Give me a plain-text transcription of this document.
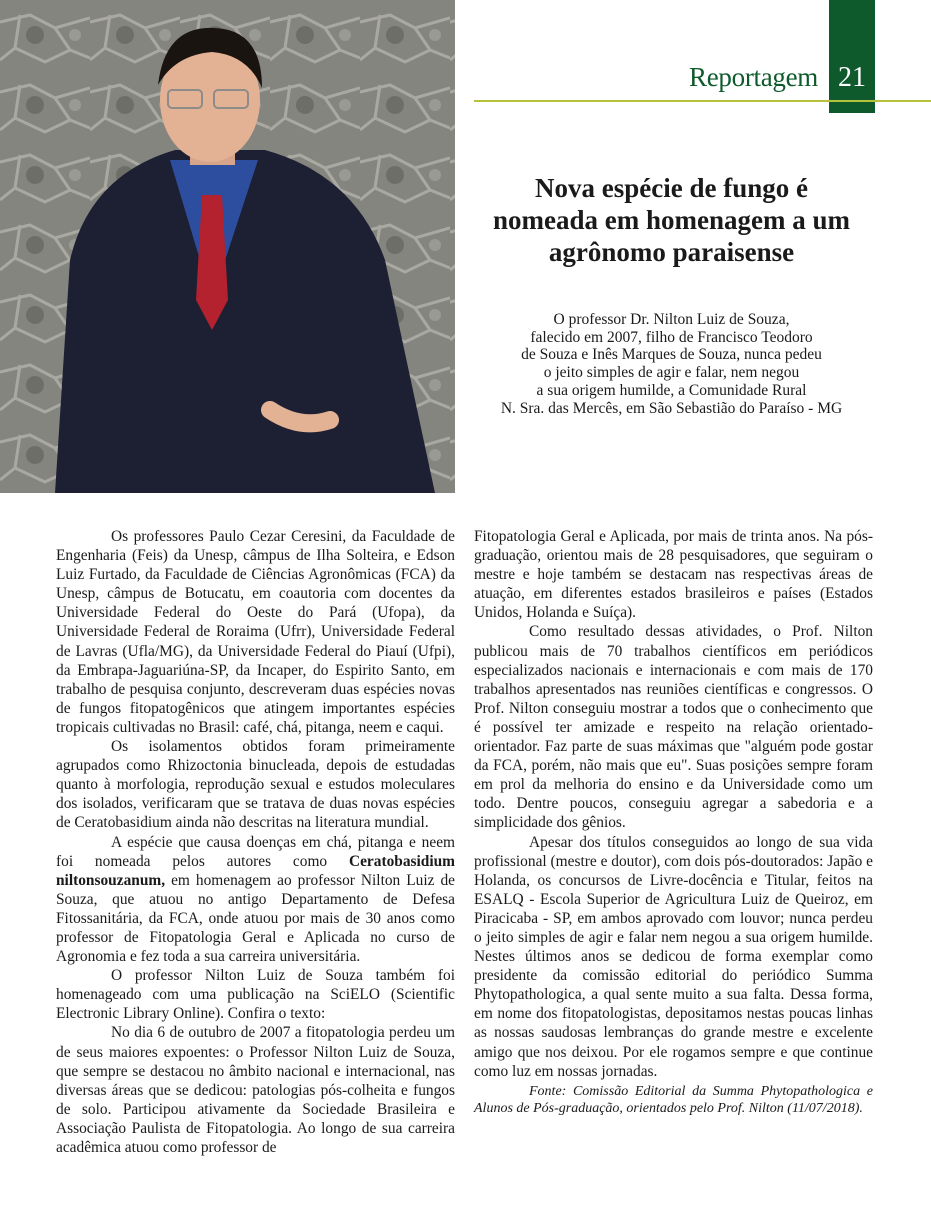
Reportagem 21
Nova espécie de fungo é
nomeada em homenagem a um
agrônomo paraisense
O professor Dr. Nilton Luiz de Souza,
falecido em 2007, filho de Francisco Teodoro
de Souza e Inês Marques de Souza, nunca pedeu
o jeito simples de agir e falar, nem negou
a sua origem humilde, a Comunidade Rural
N. Sra. das Mercês, em São Sebastião do Paraíso - MG

Os professores Paulo Cezar Ceresini, da Faculdade de Engenharia (Feis) da Unesp, câmpus de Ilha Solteira, e Edson Luiz Furtado, da Faculdade de Ciências Agronômicas (FCA) da Unesp, câmpus de Botucatu, em coautoria com docentes da Universidade Federal do Oeste do Pará (Ufopa), da Universidade Federal de Roraima (Ufrr), Universidade Federal de Lavras (Ufla/MG), da Universidade Federal do Piauí (Ufpi), da Embrapa-Jaguariúna-SP, da Incaper, do Espirito Santo, em trabalho de pesquisa conjunto, descreveram duas espécies novas de fungos fitopatogênicos que atingem importantes espécies tropicais cultivadas no Brasil: café, chá, pitanga, neem e caqui.

Os isolamentos obtidos foram primeiramente agrupados como Rhizoctonia binucleada, depois de estudadas quanto à morfologia, reprodução sexual e estudos moleculares dos isolados, verificaram que se tratava de duas novas espécies de Ceratobasidium ainda não descritas na literatura mundial.

A espécie que causa doenças em chá, pitanga e neem foi nomeada pelos autores como Ceratobasidium niltonsouzanum, em homenagem ao professor Nilton Luiz de Souza, que atuou no antigo Departamento de Defesa Fitossanitária, da FCA, onde atuou por mais de 30 anos como professor de Fitopatologia Geral e Aplicada no curso de Agronomia e fez toda a sua carreira universitária.

O professor Nilton Luiz de Souza também foi homenageado com uma publicação na SciELO (Scientific Electronic Library Online). Confira o texto:

No dia 6 de outubro de 2007 a fitopatologia perdeu um de seus maiores expoentes: o Professor Nilton Luiz de Souza, que sempre se destacou no âmbito nacional e internacional, nas diversas áreas que se dedicou: patologias pós-colheita e fungos de solo. Participou ativamente da Sociedade Brasileira e Associação Paulista de Fitopatologia. Ao longo de sua carreira acadêmica atuou como professor de

Fitopatologia Geral e Aplicada, por mais de trinta anos. Na pós-graduação, orientou mais de 28 pesquisadores, que seguiram o mestre e hoje também se destacam nas respectivas áreas de atuação, em diferentes estados brasileiros e países (Estados Unidos, Holanda e Suíça).

Como resultado dessas atividades, o Prof. Nilton publicou mais de 70 trabalhos científicos em periódicos especializados nacionais e internacionais e com mais de 170 trabalhos apresentados nas reuniões científicas e congressos. O Prof. Nilton conseguiu mostrar a todos que o conhecimento que é possível ter amizade e respeito na relação orientado-orientador. Faz parte de suas máximas que "alguém pode gostar da FCA, porém, não mais que eu". Suas posições sempre foram em prol da melhoria do ensino e da Universidade como um todo. Dentre poucos, conseguiu agregar a sabedoria e a simplicidade dos gênios.

Apesar dos títulos conseguidos ao longo de sua vida profissional (mestre e doutor), com dois pós-doutorados: Japão e Holanda, os concursos de Livre-docência e Titular, feitos na ESALQ - Escola Superior de Agricultura Luiz de Queiroz, em Piracicaba - SP, em ambos aprovado com louvor; nunca perdeu o jeito simples de agir e falar nem negou a sua origem humilde. Nestes últimos anos se dedicou de forma exemplar como presidente da comissão editorial do periódico Summa Phytopathologica, a qual sente muito a sua falta. Dessa forma, em nome dos fitopatologistas, depositamos nestas poucas linhas as nossas saudosas lembranças do grande mestre e excelente amigo que nos deixou. Por ele rogamos sempre e que continue como luz em nossas jornadas.

Fonte: Comissão Editorial da Summa Phytopathologica e Alunos de Pós-graduação, orientados pelo Prof. Nilton (11/07/2018).
